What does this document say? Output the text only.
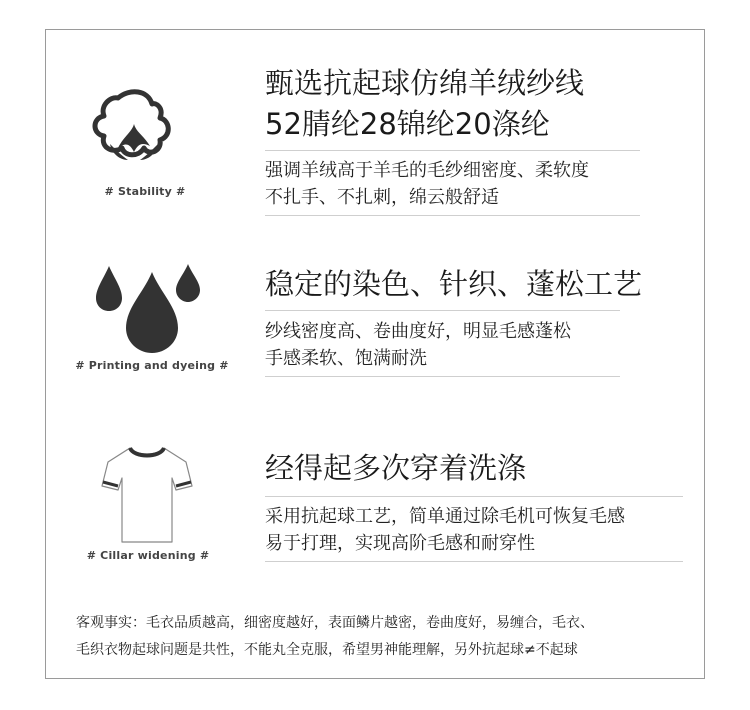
# Stability #
甄选抗起球仿绵羊绒纱线
52腈纶28锦纶20涤纶
强调羊绒高于羊毛的毛纱细密度、柔软度
不扎手、不扎刺，绵云般舒适
# Printing and dyeing #
稳定的染色、针织、蓬松工艺
纱线密度高、卷曲度好，明显毛感蓬松
手感柔软、饱满耐洗
# Cillar widening #
经得起多次穿着洗涤
采用抗起球工艺，简单通过除毛机可恢复毛感
易于打理，实现高阶毛感和耐穿性
客观事实：毛衣品质越高，细密度越好，表面鳞片越密，卷曲度好，易缠合，毛衣、
毛织衣物起球问题是共性，不能丸全克服，希望男神能理解，另外抗起球≠不起球
